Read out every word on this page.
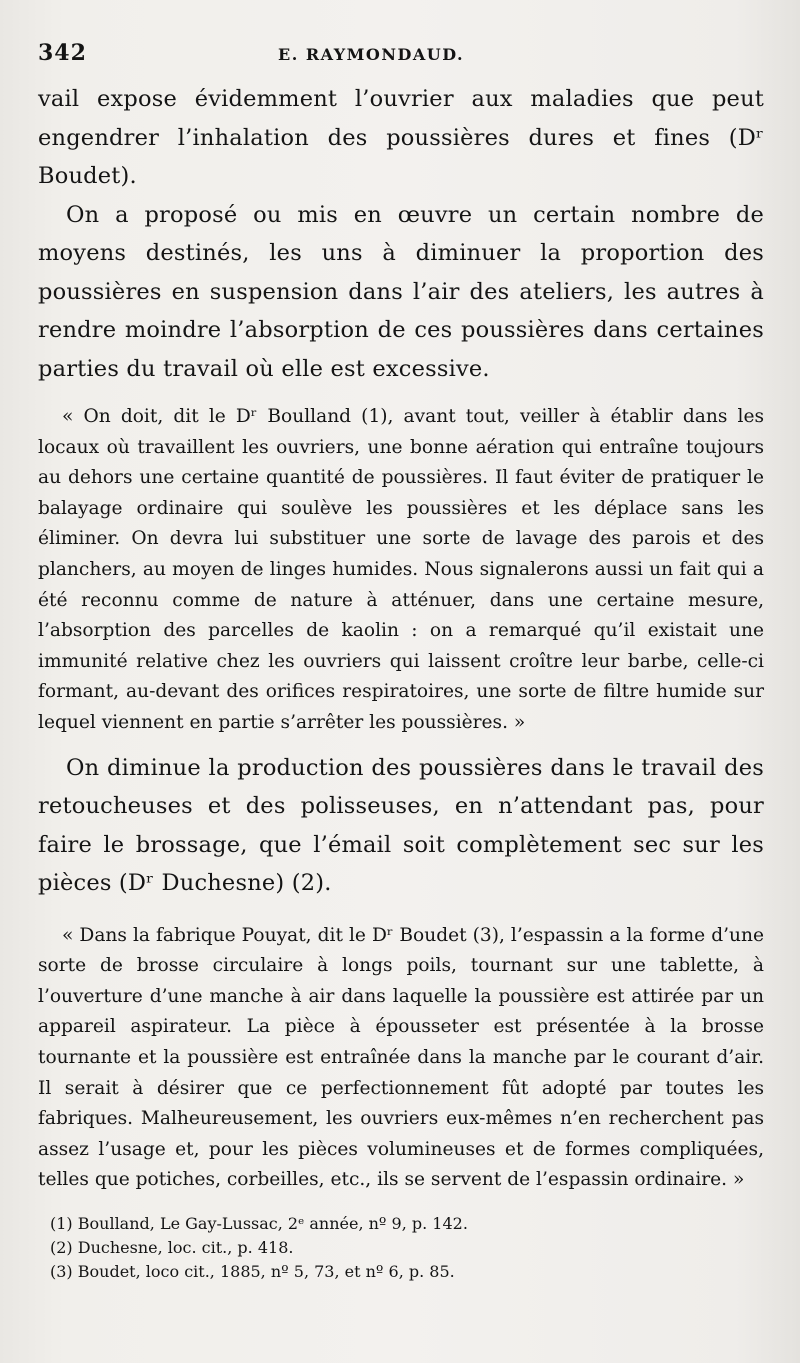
342	E. RAYMONDAUD.

vail expose évidemment l’ouvrier aux maladies que peut engendrer l’inhalation des poussières dures et fines (Dʳ Boudet).

On a proposé ou mis en œuvre un certain nombre de moyens destinés, les uns à diminuer la proportion des poussières en suspension dans l’air des ateliers, les autres à rendre moindre l’absorption de ces poussières dans certaines parties du travail où elle est excessive.

« On doit, dit le Dʳ Boulland (1), avant tout, veiller à établir dans les locaux où travaillent les ouvriers, une bonne aération qui entraîne toujours au dehors une certaine quantité de poussières. Il faut éviter de pratiquer le balayage ordinaire qui soulève les poussières et les déplace sans les éliminer. On devra lui substituer une sorte de lavage des parois et des planchers, au moyen de linges humides. Nous signalerons aussi un fait qui a été reconnu comme de nature à atténuer, dans une certaine mesure, l’absorption des parcelles de kaolin : on a remarqué qu’il existait une immunité relative chez les ouvriers qui laissent croître leur barbe, celle-ci formant, au-devant des orifices respiratoires, une sorte de filtre humide sur lequel viennent en partie s’arrêter les poussières. »

On diminue la production des poussières dans le travail des retoucheuses et des polisseuses, en n’attendant pas, pour faire le brossage, que l’émail soit complètement sec sur les pièces (Dʳ Duchesne) (2).

« Dans la fabrique Pouyat, dit le Dʳ Boudet (3), l’espassin a la forme d’une sorte de brosse circulaire à longs poils, tournant sur une tablette, à l’ouverture d’une manche à air dans laquelle la poussière est attirée par un appareil aspirateur. La pièce à épousseter est présentée à la brosse tournante et la poussière est entraînée dans la manche par le courant d’air. Il serait à désirer que ce perfectionnement fût adopté par toutes les fabriques. Malheureusement, les ouvriers eux-mêmes n’en recherchent pas assez l’usage et, pour les pièces volumineuses et de formes compliquées, telles que potiches, corbeilles, etc., ils se servent de l’espassin ordinaire. »

(1) Boulland, Le Gay-Lussac, 2ᵉ année, nº 9, p. 142.
(2) Duchesne, loc. cit., p. 418.
(3) Boudet, loco cit., 1885, nº 5, 73, et nº 6, p. 85.
